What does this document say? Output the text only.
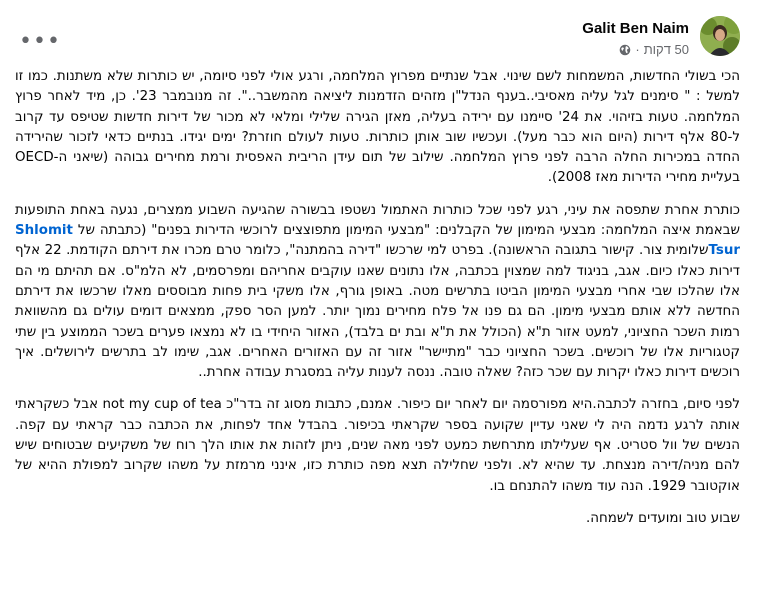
•••	Galit Ben Naim
50 דקות
·

הכי בשולי החדשות, המשמחות לשם שינוי. אבל שנתיים מפרוץ המלחמה, ורגע אולי לפני סיומה, יש כותרות שלא משתנות. כמו זו למשל : " סימנים לגל עליה מאסיבי..בענף הנדל"ן מזהים הזדמנות ליציאה מהמשבר..". זה מנובמבר 23'. כן, מיד לאחר פרוץ המלחמה. טעות בזיהוי. את 24' סיימנו עם ירידה בעליה, מאזן הגירה שלילי ומלאי לא מכור של דירות חדשות שטיפס עד קרוב ל-80 אלף דירות (היום הוא כבר מעל). ועכשיו שוב אותן כותרות. טעות לעולם חוזרת? ימים יגידו. בנתיים כדאי לזכור שהירידה החדה במכירות החלה הרבה לפני פרוץ המלחמה. שילוב של תום עידן הריבית האפסית ורמת מחירים גבוהה (שיאני ה-OECD בעליית מחירי הדירות מאז 2008).

כותרת אחרת שתפסה את עיני, רגע לפני שכל כותרות האתמול נשטפו בבשורה שהגיעה השבוע ממצרים, נגעה באחת התופעות שבאמת איצה המלחמה: מבצעי המימון של הקבלנים: "מבצעי המימון מתפוצצים לרוכשי הדירות בפנים" (כתבתה של Shlomit Tsurשלומית צור. קישור בתגובה הראשונה). בפרט למי שרכשו "דירה בהמתנה", כלומר טרם מכרו את דירתם הקודמת. 22 אלף דירות כאלו כיום. אגב, בניגוד למה שמצוין בכתבה, אלו נתונים שאנו עוקבים אחריהם ומפרסמים, לא הלמ"ס. אם תהיתם מי הם אלו שהלכו שבי אחרי מבצעי המימון הביטו בתרשים מטה. באופן גורף, אלו משקי בית פחות מבוססים מאלו שרכשו את דירתם החדשה ללא אותם מבצעי מימון. הם גם פנו אל פלח מחירים נמוך יותר. למען הסר ספק, ממצאים דומים עולים גם מהשוואת רמות השכר החציוני, למעט אזור ת"א (הכולל את ת"א ובת ים בלבד), האזור היחידי בו לא נמצאו פערים בשכר הממוצע בין שתי קטגוריות אלו של רוכשים. בשכר החציוני כבר "מתיישר" אזור זה עם האזורים האחרים. אגב, שימו לב בתרשים לירושלים. איך רוכשים דירות כאלו יקרות עם שכר כזה? שאלה טובה. ננסה לענות עליה במסגרת עבודה אחרת..

לפני סיום, בחזרה לכתבה.היא מפורסמה יום לאחר יום כיפור. אמנם, כתבות מסוג זה בדר"כ not my cup of tea אבל כשקראתי אותה לרגע נדמה היה לי שאני עדיין שקועה בספר שקראתי בכיפור. בהבדל אחד לפחות, את הכתבה כבר קראתי עם קפה. הנשים של וול סטריט. אף שעלילתו מתרחשת כמעט לפני מאה שנים, ניתן לזהות את אותו הלך רוח של משקיעים שבטוחים שיש להם מניה/דירה מנצחת. עד שהיא לא. ולפני שחלילה תצא מפה כותרת כזו, אינני מרמזת על משהו שקרוב למפולת ההיא של אוקטובר 1929. הנה עוד משהו להתנחם בו.

שבוע טוב ומועדים לשמחה.
